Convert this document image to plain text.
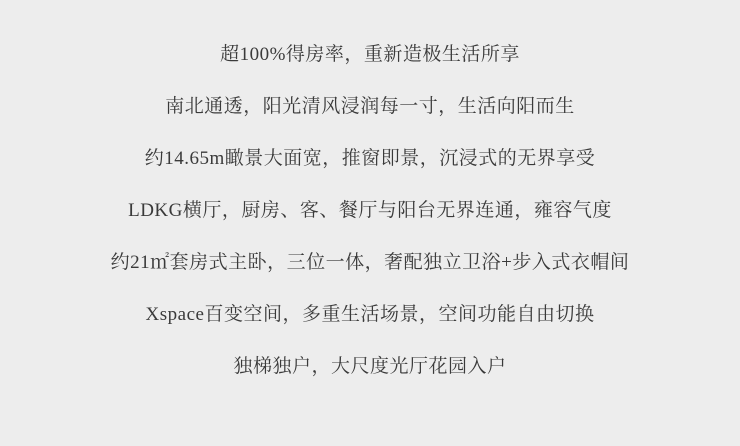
超100%得房率，重新造极生活所享
南北通透，阳光清风浸润每一寸，生活向阳而生
约14.65m瞰景大面宽，推窗即景，沉浸式的无界享受
LDKG横厅，厨房、客、餐厅与阳台无界连通，雍容气度
约21㎡套房式主卧，三位一体，奢配独立卫浴+步入式衣帽间
Xspace百变空间，多重生活场景，空间功能自由切换
独梯独户，大尺度光厅花园入户
